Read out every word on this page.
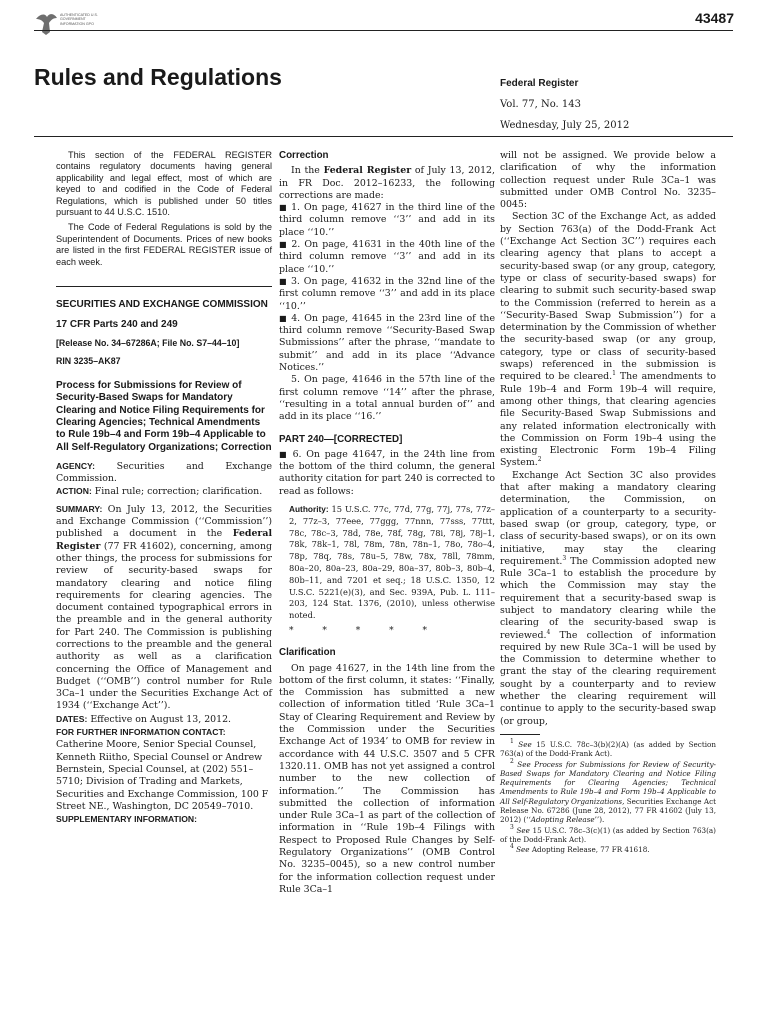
AUTHENTICATED U.S. GOVERNMENT INFORMATION GPO	43487
Rules and Regulations	Federal Register
Vol. 77, No. 143
Wednesday, July 25, 2012

This section of the FEDERAL REGISTER contains regulatory documents having general applicability and legal effect, most of which are keyed to and codified in the Code of Federal Regulations, which is published under 50 titles pursuant to 44 U.S.C. 1510.

The Code of Federal Regulations is sold by the Superintendent of Documents. Prices of new books are listed in the first FEDERAL REGISTER issue of each week.

SECURITIES AND EXCHANGE COMMISSION

17 CFR Parts 240 and 249

[Release No. 34–67286A; File No. S7–44–10]

RIN 3235–AK87

Process for Submissions for Review of Security-Based Swaps for Mandatory Clearing and Notice Filing Requirements for Clearing Agencies; Technical Amendments to Rule 19b–4 and Form 19b–4 Applicable to All Self-Regulatory Organizations; Correction

AGENCY: Securities and Exchange Commission.

ACTION: Final rule; correction; clarification.

SUMMARY: On July 13, 2012, the Securities and Exchange Commission (‘‘Commission’’) published a document in the Federal Register (77 FR 41602), concerning, among other things, the process for submissions for review of security-based swaps for mandatory clearing and notice filing requirements for clearing agencies. The document contained typographical errors in the preamble and in the general authority for Part 240. The Commission is publishing corrections to the preamble and the general authority as well as a clarification concerning the Office of Management and Budget (‘‘OMB’’) control number for Rule 3Ca–1 under the Securities Exchange Act of 1934 (‘‘Exchange Act’’).

DATES: Effective on August 13, 2012.

FOR FURTHER INFORMATION CONTACT:
Catherine Moore, Senior Special Counsel, Kenneth Riitho, Special Counsel or Andrew Bernstein, Special Counsel, at (202) 551–5710; Division of Trading and Markets, Securities and Exchange Commission, 100 F Street NE., Washington, DC 20549–7010.

SUPPLEMENTARY INFORMATION:

Correction

In the Federal Register of July 13, 2012, in FR Doc. 2012–16233, the following corrections are made:

■ 1. On page, 41627 in the third line of the third column remove ‘‘3’’ and add in its place ‘‘10.’’

■ 2. On page, 41631 in the 40th line of the third column remove ‘‘3’’ and add in its place ‘‘10.’’

■ 3. On page, 41632 in the 32nd line of the first column remove ‘‘3’’ and add in its place ‘‘10.’’

■ 4. On page, 41645 in the 23rd line of the third column remove ‘‘Security-Based Swap Submissions’’ after the phrase, ‘‘mandate to submit’’ and add in its place ‘‘Advance Notices.’’

5. On page, 41646 in the 57th line of the first column remove ‘‘14’’ after the phrase, ‘‘resulting in a total annual burden of’’ and add in its place ‘‘16.’’

PART 240—[CORRECTED]

■ 6. On page 41647, in the 24th line from the bottom of the third column, the general authority citation for part 240 is corrected to read as follows:

Authority: 15 U.S.C. 77c, 77d, 77g, 77j, 77s, 77z–2, 77z–3, 77eee, 77ggg, 77nnn, 77sss, 77ttt, 78c, 78c–3, 78d, 78e, 78f, 78g, 78i, 78j, 78j–1, 78k, 78k–1, 78l, 78m, 78n, 78n–1, 78o, 78o–4, 78p, 78q, 78s, 78u–5, 78w, 78x, 78ll, 78mm, 80a–20, 80a–23, 80a–29, 80a–37, 80b–3, 80b–4, 80b–11, and 7201 et seq.; 18 U.S.C. 1350, 12 U.S.C. 5221(e)(3), and Sec. 939A, Pub. L. 111–203, 124 Stat. 1376, (2010), unless otherwise noted.

* * * * *

Clarification

On page 41627, in the 14th line from the bottom of the first column, it states: ‘‘Finally, the Commission has submitted a new collection of information titled ‘Rule 3Ca–1 Stay of Clearing Requirement and Review by the Commission under the Securities Exchange Act of 1934’ to OMB for review in accordance with 44 U.S.C. 3507 and 5 CFR 1320.11. OMB has not yet assigned a control number to the new collection of information.’’ The Commission has submitted the collection of information under Rule 3Ca–1 as part of the collection of information in ‘‘Rule 19b–4 Filings with Respect to Proposed Rule Changes by Self-Regulatory Organizations’’ (OMB Control No. 3235–0045), so a new control number for the information collection request under Rule 3Ca–1

will not be assigned. We provide below a clarification of why the information collection request under Rule 3Ca–1 was submitted under OMB Control No. 3235–0045:

Section 3C of the Exchange Act, as added by Section 763(a) of the Dodd-Frank Act (‘‘Exchange Act Section 3C’’) requires each clearing agency that plans to accept a security-based swap (or any group, category, type or class of security-based swaps) for clearing to submit such security-based swap to the Commission (referred to herein as a ‘‘Security-Based Swap Submission’’) for a determination by the Commission of whether the security-based swap (or any group, category, type or class of security-based swaps) referenced in the submission is required to be cleared.$^1$ The amendments to Rule 19b–4 and Form 19b–4 will require, among other things, that clearing agencies file Security-Based Swap Submissions and any related information electronically with the Commission on Form 19b–4 using the existing Electronic Form 19b–4 Filing System.$^2$

Exchange Act Section 3C also provides that after making a mandatory clearing determination, the Commission, on application of a counterparty to a security-based swap (or group, category, type, or class of security-based swaps), or on its own initiative, may stay the clearing requirement.$^3$ The Commission adopted new Rule 3Ca–1 to establish the procedure by which the Commission may stay the requirement that a security-based swap is subject to mandatory clearing while the clearing of the security-based swap is reviewed.$^4$ The collection of information required by new Rule 3Ca–1 will be used by the Commission to determine whether to grant the stay of the clearing requirement sought by a counterparty and to review whether the clearing requirement will continue to apply to the security-based swap (or group,

$^1$ See 15 U.S.C. 78c–3(b)(2)(A) (as added by Section 763(a) of the Dodd-Frank Act).

$^2$ See Process for Submissions for Review of Security-Based Swaps for Mandatory Clearing and Notice Filing Requirements for Clearing Agencies; Technical Amendments to Rule 19b–4 and Form 19b–4 Applicable to All Self-Regulatory Organizations, Securities Exchange Act Release No. 67286 (June 28, 2012), 77 FR 41602 (July 13, 2012) (‘‘Adopting Release’’).

$^3$ See 15 U.S.C. 78c–3(c)(1) (as added by Section 763(a) of the Dodd-Frank Act).

$^4$ See Adopting Release, 77 FR 41618.
